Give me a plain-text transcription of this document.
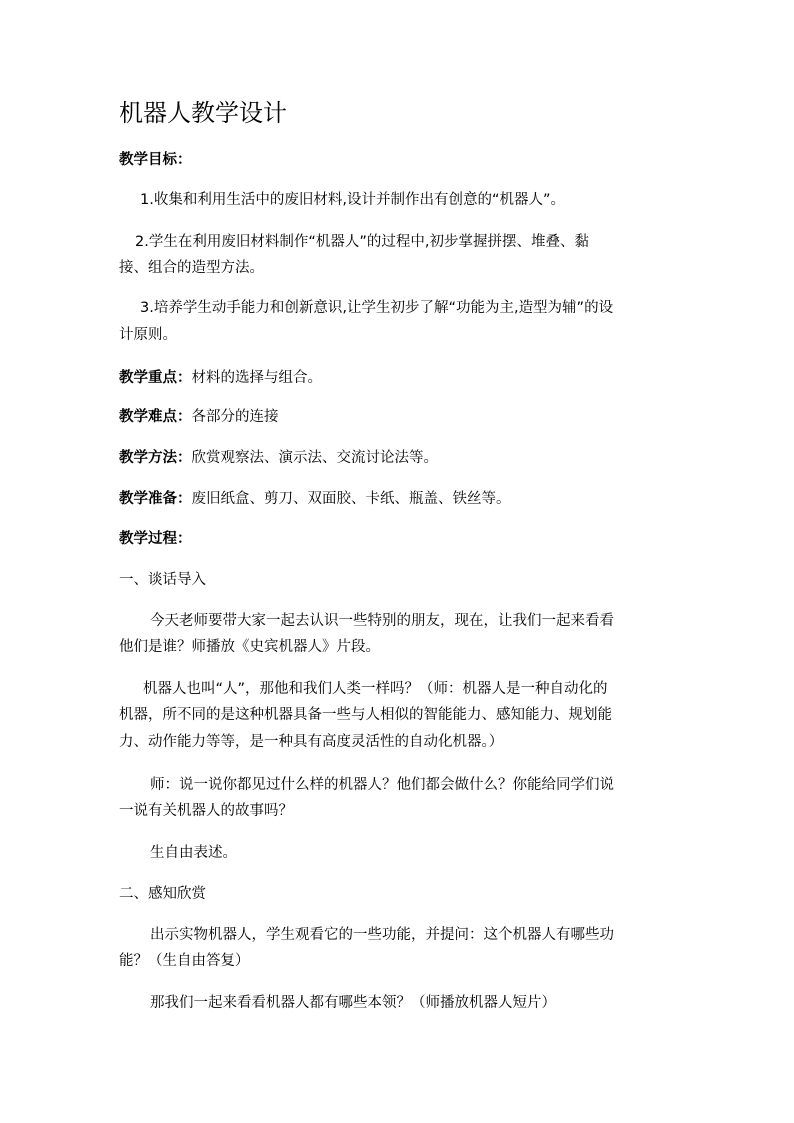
机器人教学设计

教学目标：

1.收集和利用生活中的废旧材料,设计并制作出有创意的“机器人”。

2.学生在利用废旧材料制作“机器人”的过程中,初步掌握拼摆、堆叠、黏

接、组合的造型方法。

3.培养学生动手能力和创新意识,让学生初步了解“功能为主,造型为辅”的设

计原则。

教学重点：材料的选择与组合。

教学难点：各部分的连接

教学方法：欣赏观察法、演示法、交流讨论法等。

教学准备：废旧纸盒、剪刀、双面胶、卡纸、瓶盖、铁丝等。

教学过程：

一、谈话导入

今天老师要带大家一起去认识一些特别的朋友，现在，让我们一起来看看

他们是谁？师播放《史宾机器人》片段。

机器人也叫“人”，那他和我们人类一样吗？（师：机器人是一种自动化的

机器，所不同的是这种机器具备一些与人相似的智能能力、感知能力、规划能

力、动作能力等等，是一种具有高度灵活性的自动化机器。）

师：说一说你都见过什么样的机器人？他们都会做什么？你能给同学们说

一说有关机器人的故事吗？

生自由表述。

二、感知欣赏

出示实物机器人，学生观看它的一些功能，并提问：这个机器人有哪些功

能？（生自由答复）

那我们一起来看看机器人都有哪些本领？（师播放机器人短片）
